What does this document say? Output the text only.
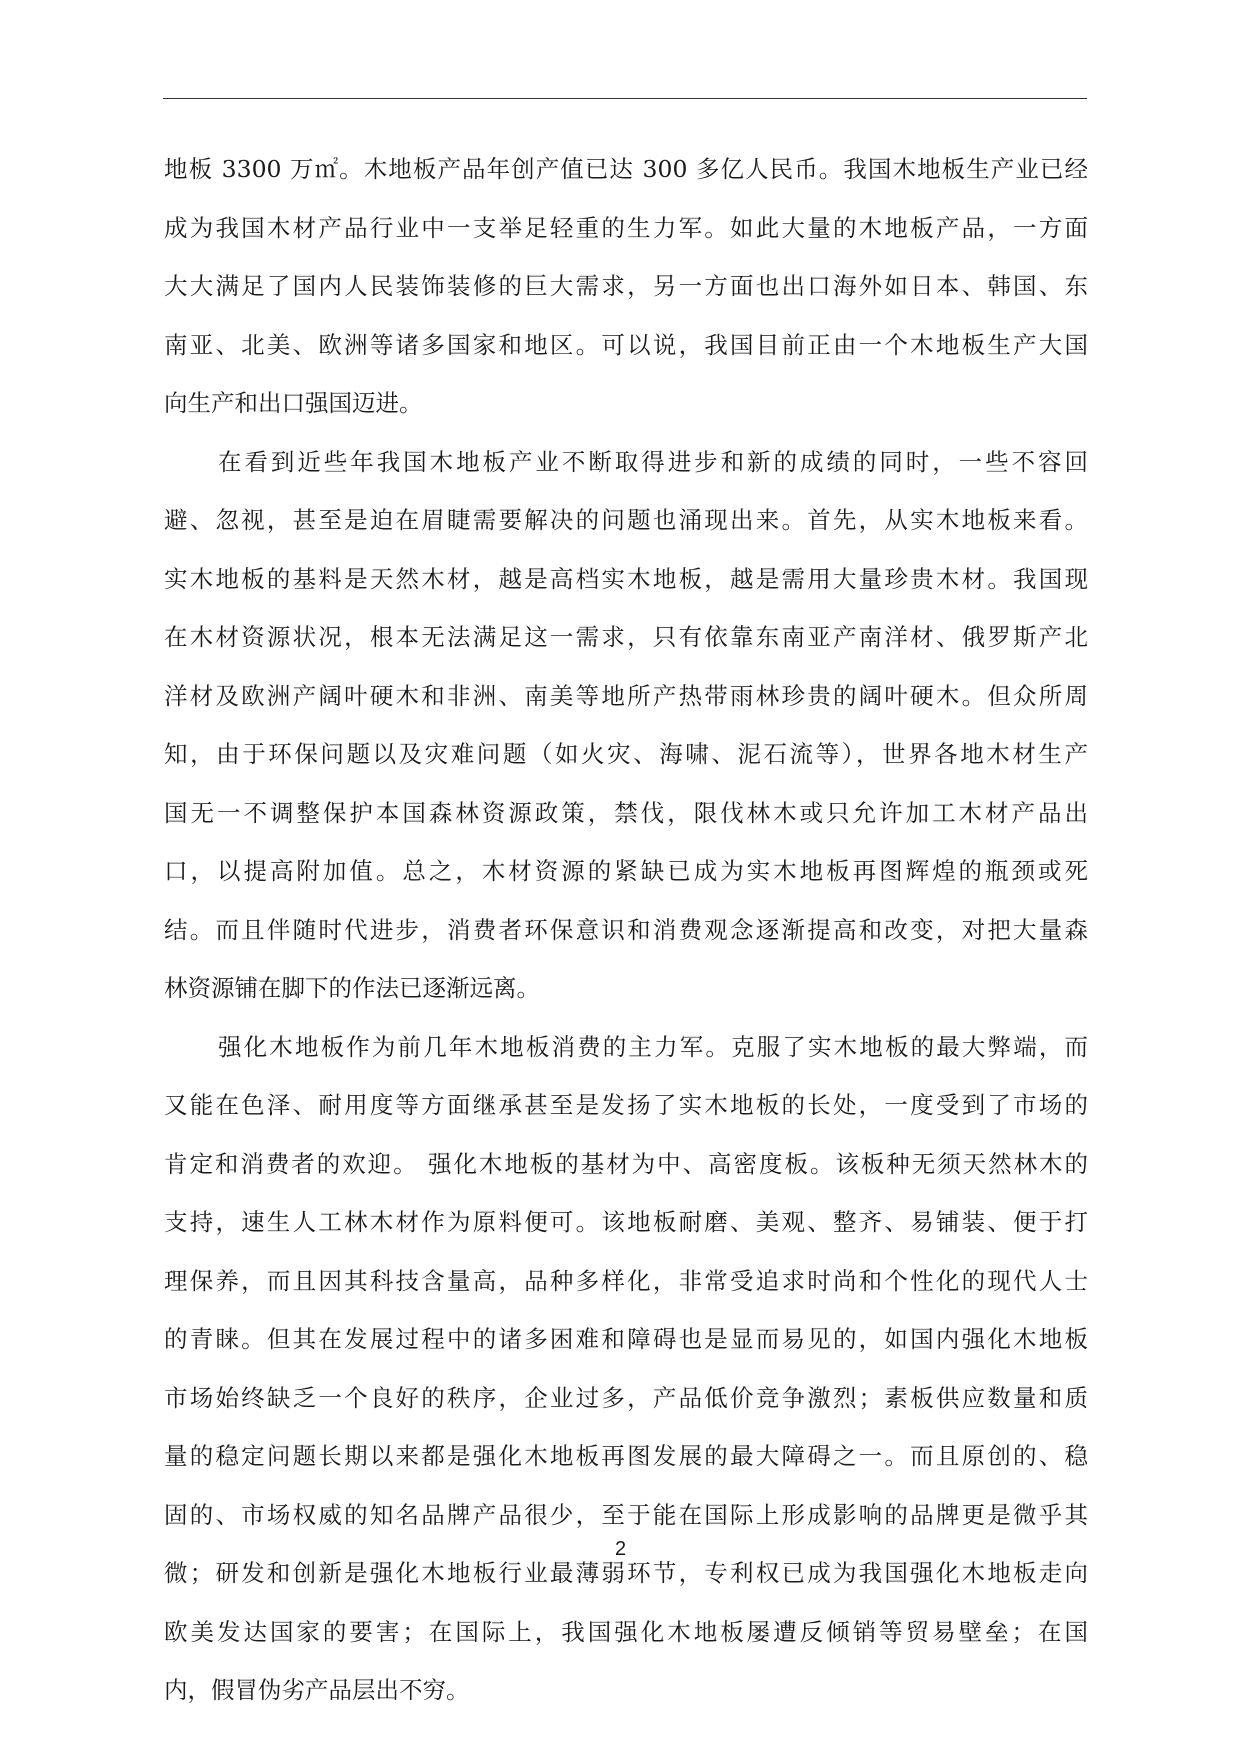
地板 3300 万㎡。木地板产品年创产值已达 300 多亿人民币。我国木地板生产业已经
成为我国木材产品行业中一支举足轻重的生力军。如此大量的木地板产品，一方面
大大满足了国内人民装饰装修的巨大需求，另一方面也出口海外如日本、韩国、东
南亚、北美、欧洲等诸多国家和地区。可以说，我国目前正由一个木地板生产大国
向生产和出口强国迈进。
在看到近些年我国木地板产业不断取得进步和新的成绩的同时，一些不容回
避、忽视，甚至是迫在眉睫需要解决的问题也涌现出来。首先，从实木地板来看。
实木地板的基料是天然木材，越是高档实木地板，越是需用大量珍贵木材。我国现
在木材资源状况，根本无法满足这一需求，只有依靠东南亚产南洋材、俄罗斯产北
洋材及欧洲产阔叶硬木和非洲、南美等地所产热带雨林珍贵的阔叶硬木。但众所周
知，由于环保问题以及灾难问题（如火灾、海啸、泥石流等），世界各地木材生产
国无一不调整保护本国森林资源政策，禁伐，限伐林木或只允许加工木材产品出
口，以提高附加值。总之，木材资源的紧缺已成为实木地板再图辉煌的瓶颈或死
结。而且伴随时代进步，消费者环保意识和消费观念逐渐提高和改变，对把大量森
林资源铺在脚下的作法已逐渐远离。
强化木地板作为前几年木地板消费的主力军。克服了实木地板的最大弊端，而
又能在色泽、耐用度等方面继承甚至是发扬了实木地板的长处，一度受到了市场的
肯定和消费者的欢迎。 强化木地板的基材为中、高密度板。该板种无须天然林木的
支持，速生人工林木材作为原料便可。该地板耐磨、美观、整齐、易铺装、便于打
理保养，而且因其科技含量高，品种多样化，非常受追求时尚和个性化的现代人士
的青睐。但其在发展过程中的诸多困难和障碍也是显而易见的，如国内强化木地板
市场始终缺乏一个良好的秩序，企业过多，产品低价竞争激烈；素板供应数量和质
量的稳定问题长期以来都是强化木地板再图发展的最大障碍之一。而且原创的、稳
固的、市场权威的知名品牌产品很少，至于能在国际上形成影响的品牌更是微乎其
微；研发和创新是强化木地板行业最薄弱环节，专利权已成为我国强化木地板走向
欧美发达国家的要害；在国际上，我国强化木地板屡遭反倾销等贸易壁垒；在国
内，假冒伪劣产品层出不穷。
2
